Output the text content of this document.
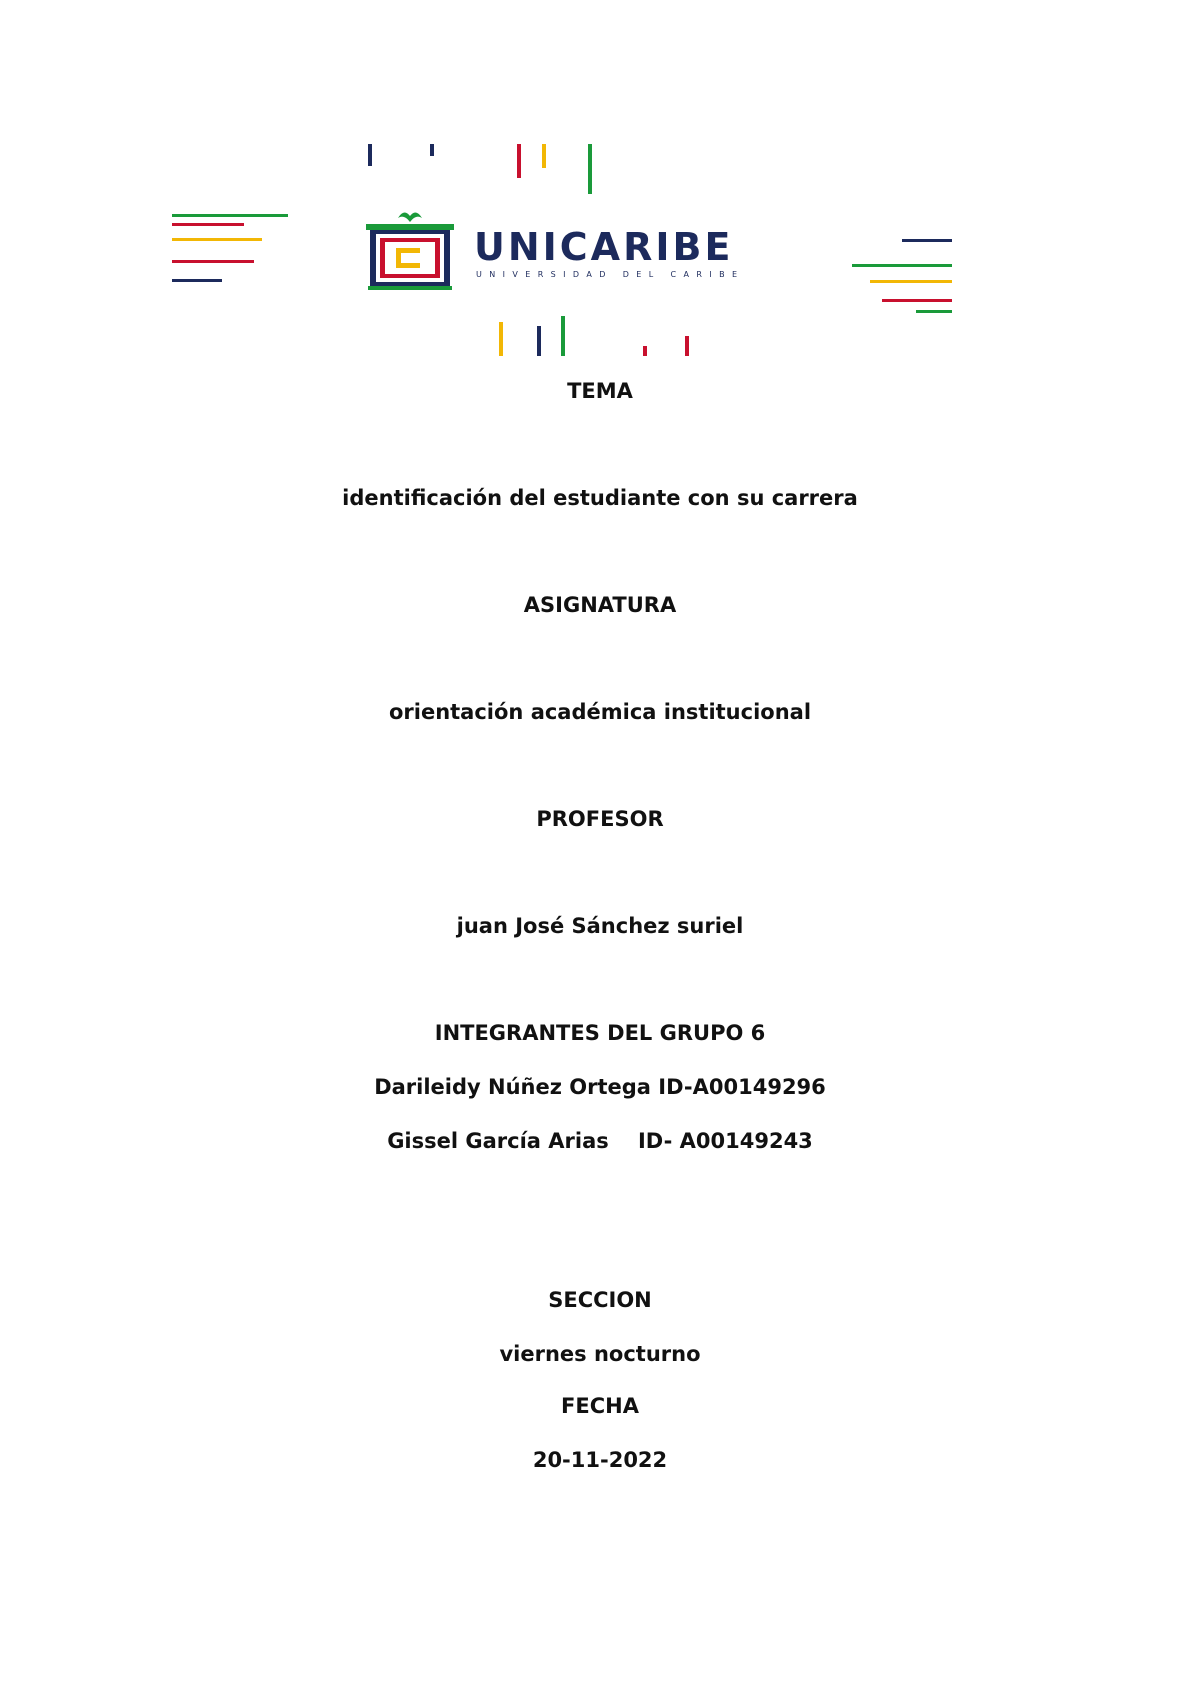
UNICARIBE
UNIVERSIDAD DEL CARIBE
TEMA
identificación del estudiante con su carrera
ASIGNATURA
orientación académica institucional
PROFESOR
juan José Sánchez suriel
INTEGRANTES DEL GRUPO 6
Darileidy Núñez Ortega ID-A00149296
Gissel García Arias    ID- A00149243
SECCION
viernes nocturno
FECHA
20-11-2022
